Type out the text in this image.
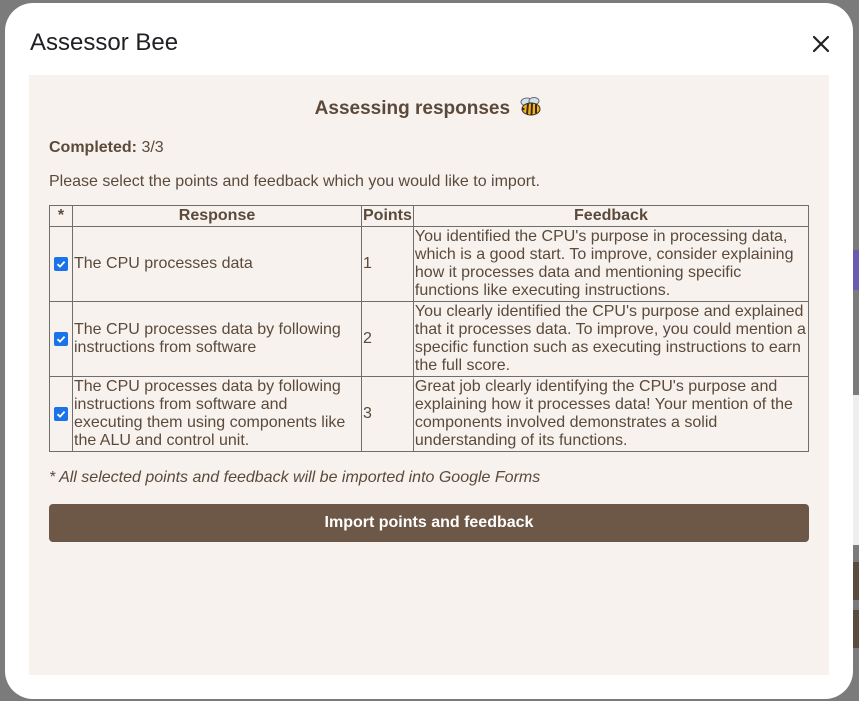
Assessor Bee
Assessing responses
Completed: 3/3
Please select the points and feedback which you would like to import.
*	Response	Points	Feedback

	The CPU processes data	1	You identified the CPU's purpose in processing data, which is a good start. To improve, consider explaining how it processes data and mentioning specific functions like executing instructions.

	The CPU processes data by following instructions from software	2	You clearly identified the CPU's purpose and explained that it processes data. To improve, you could mention a specific function such as executing instructions to earn the full score.

	The CPU processes data by following instructions from software and executing them using components like the ALU and control unit.	3	Great job clearly identifying the CPU's purpose and explaining how it processes data! Your mention of the components involved demonstrates a solid understanding of its functions.
* All selected points and feedback will be imported into Google Forms
Import points and feedback
